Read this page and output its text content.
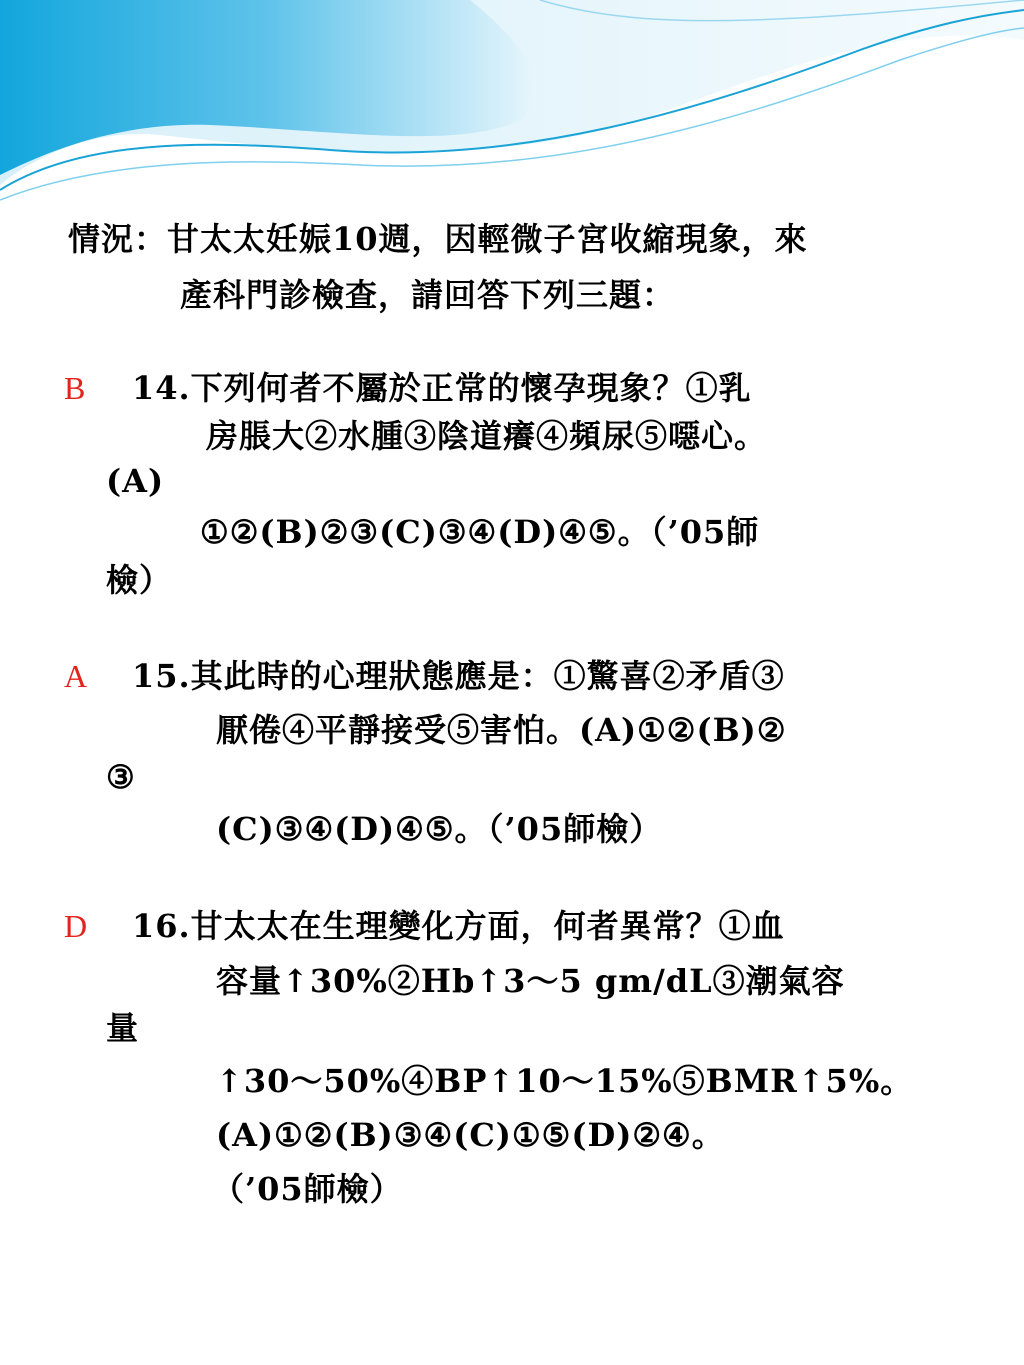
情況：甘太太妊娠10週，因輕微子宮收縮現象，來
產科門診檢查，請回答下列三題：
B 14.下列何者不屬於正常的懷孕現象？①乳
房脹大②水腫③陰道癢④頻尿⑤噁心。
(A)
①②(B)②③(C)③④(D)④⑤。（’05師
檢）
A 15.其此時的心理狀態應是：①驚喜②矛盾③
厭倦④平靜接受⑤害怕。(A)①②(B)②
③
(C)③④(D)④⑤。（’05師檢）
D 16.甘太太在生理變化方面，何者異常？①血
容量↑30%②Hb↑3～5 gm/dL③潮氣容
量
↑30～50%④BP↑10～15%⑤BMR↑5%。
(A)①②(B)③④(C)①⑤(D)②④。
（’05師檢）
